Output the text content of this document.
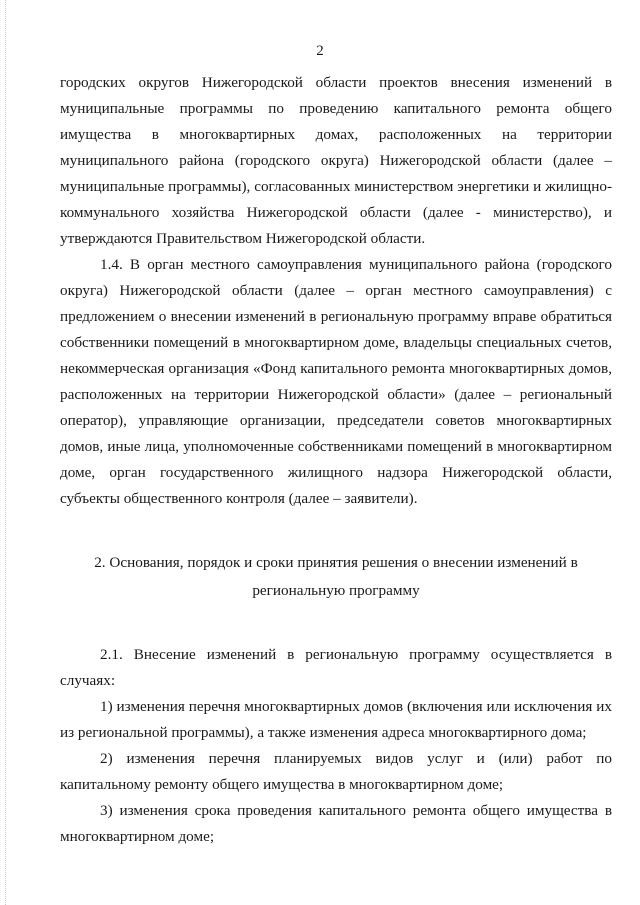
2

городских округов Нижегородской области проектов внесения изменений в муниципальные программы по проведению капитального ремонта общего имущества в многоквартирных домах, расположенных на территории муниципального района (городского округа) Нижегородской области (далее – муниципальные программы), согласованных министерством энергетики и жилищно-коммунального хозяйства Нижегородской области (далее - министерство), и утверждаются Правительством Нижегородской области.

1.4. В орган местного самоуправления муниципального района (городского округа) Нижегородской области (далее – орган местного самоуправления) с предложением о внесении изменений в региональную программу вправе обратиться собственники помещений в многоквартирном доме, владельцы специальных счетов, некоммерческая организация «Фонд капитального ремонта многоквартирных домов, расположенных на территории Нижегородской области» (далее – региональный оператор), управляющие организации, председатели советов многоквартирных домов, иные лица, уполномоченные собственниками помещений в многоквартирном доме, орган государственного жилищного надзора Нижегородской области, субъекты общественного контроля (далее – заявители).

2. Основания, порядок и сроки принятия решения о внесении изменений в
региональную программу

2.1. Внесение изменений в региональную программу осуществляется в случаях:

1) изменения перечня многоквартирных домов (включения или исключения их из региональной программы), а также изменения адреса многоквартирного дома;

2) изменения перечня планируемых видов услуг и (или) работ по капитальному ремонту общего имущества в многоквартирном доме;

3) изменения срока проведения капитального ремонта общего имущества в многоквартирном доме;
